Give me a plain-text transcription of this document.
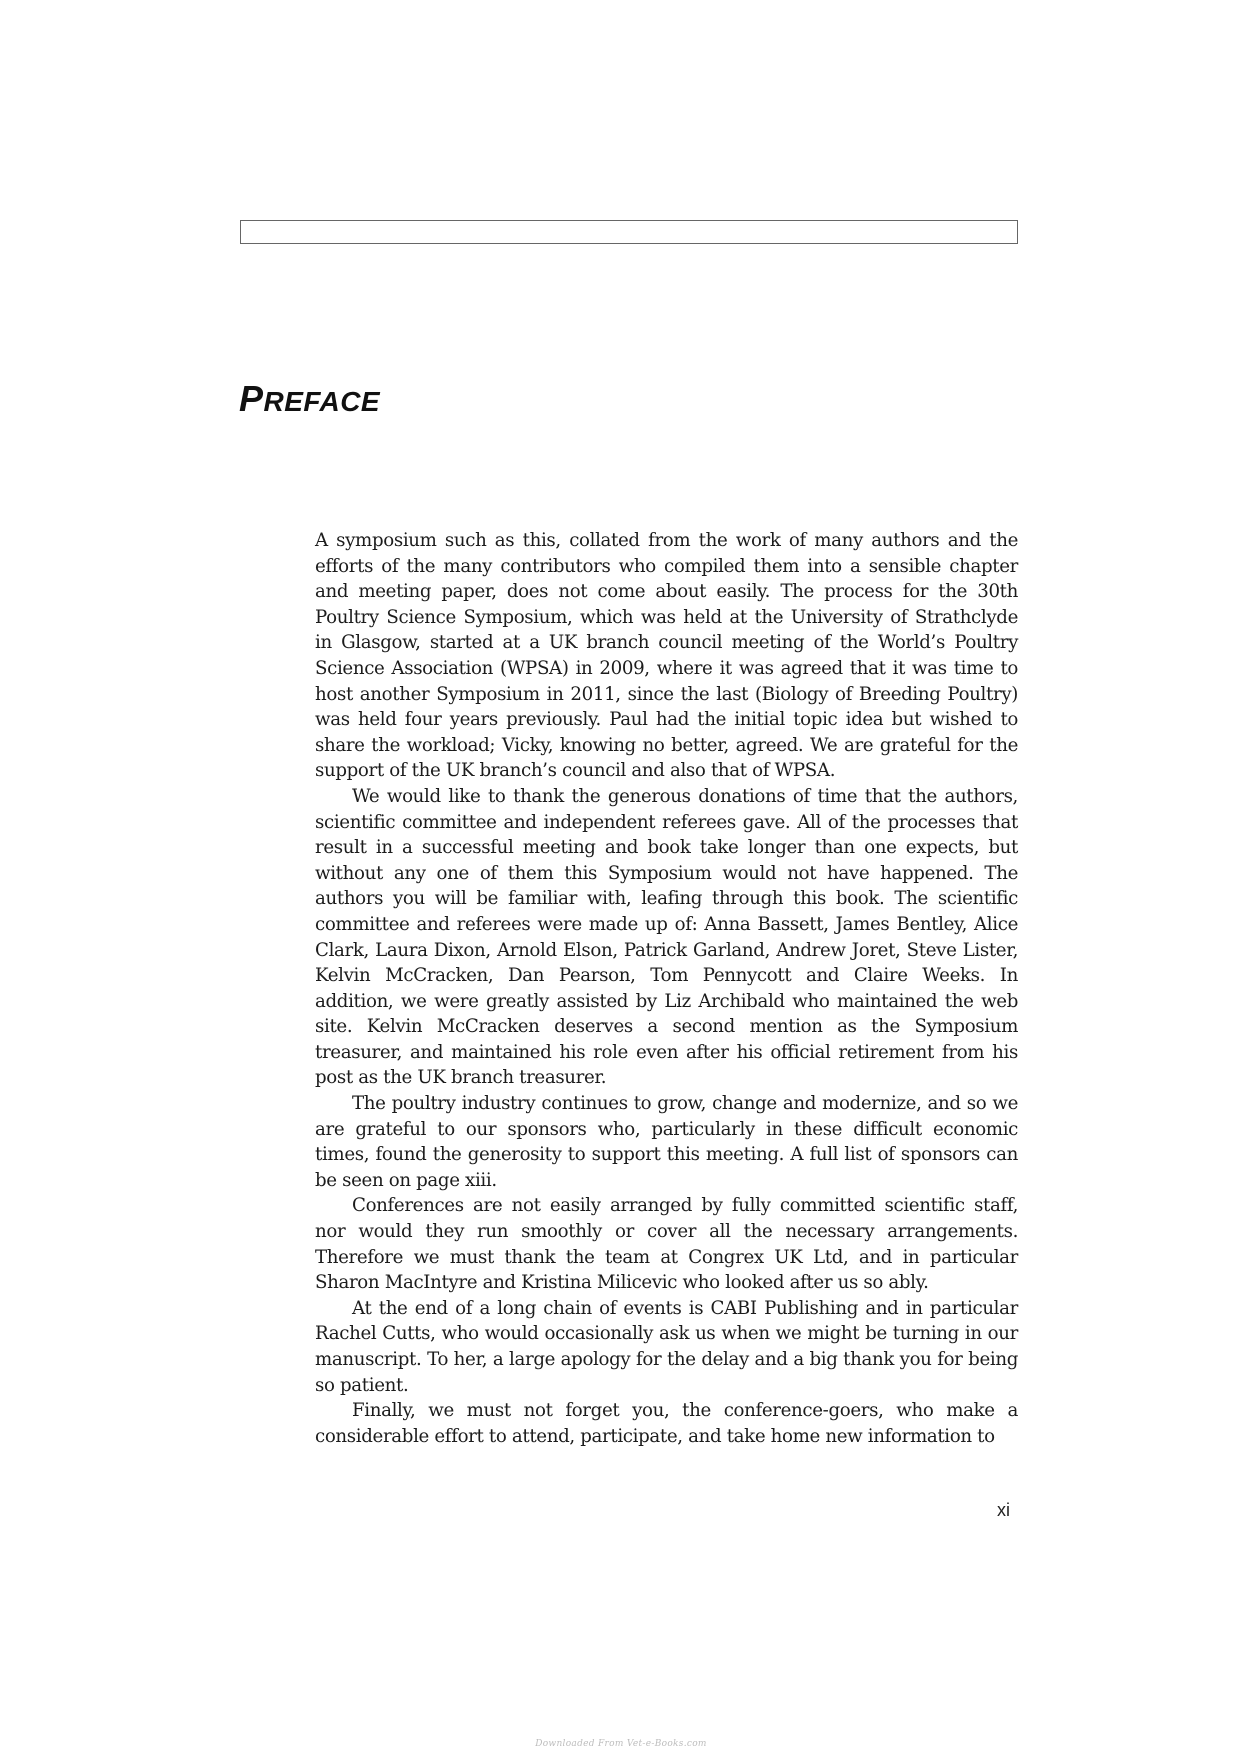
PREFACE

A symposium such as this, collated from the work of many authors and the efforts of the many contributors who compiled them into a sensible chapter and meeting paper, does not come about easily. The process for the 30th Poultry Science Symposium, which was held at the University of Strathclyde in Glasgow, started at a UK branch council meeting of the World’s Poultry Science Association (WPSA) in 2009, where it was agreed that it was time to host another Symposium in 2011, since the last (Biology of Breeding Poultry) was held four years previously. Paul had the initial topic idea but wished to share the workload; Vicky, knowing no better, agreed. We are grateful for the support of the UK branch’s council and also that of WPSA.

We would like to thank the generous donations of time that the authors, scientific committee and independent referees gave. All of the processes that result in a successful meeting and book take longer than one expects, but without any one of them this Symposium would not have happened. The authors you will be familiar with, leafing through this book. The scientific committee and referees were made up of: Anna Bassett, James Bentley, Alice Clark, Laura Dixon, Arnold Elson, Patrick Garland, Andrew Joret, Steve Lister, Kelvin McCracken, Dan Pearson, Tom Pennycott and Claire Weeks. In addition, we were greatly assisted by Liz Archibald who maintained the web site. Kelvin McCracken deserves a second mention as the Symposium treasurer, and maintained his role even after his official retirement from his post as the UK branch treasurer.

The poultry industry continues to grow, change and modernize, and so we are grateful to our sponsors who, particularly in these difficult economic times, found the generosity to support this meeting. A full list of sponsors can be seen on page xiii.

Conferences are not easily arranged by fully committed scientific staff, nor would they run smoothly or cover all the necessary arrangements. Therefore we must thank the team at Congrex UK Ltd, and in particular Sharon MacIntyre and Kristina Milicevic who looked after us so ably.

At the end of a long chain of events is CABI Publishing and in particular Rachel Cutts, who would occasionally ask us when we might be turning in our manuscript. To her, a large apology for the delay and a big thank you for being so patient.

Finally, we must not forget you, the conference-goers, who make a considerable effort to attend, participate, and take home new information to

xi
Downloaded From Vet-e-Books.com
